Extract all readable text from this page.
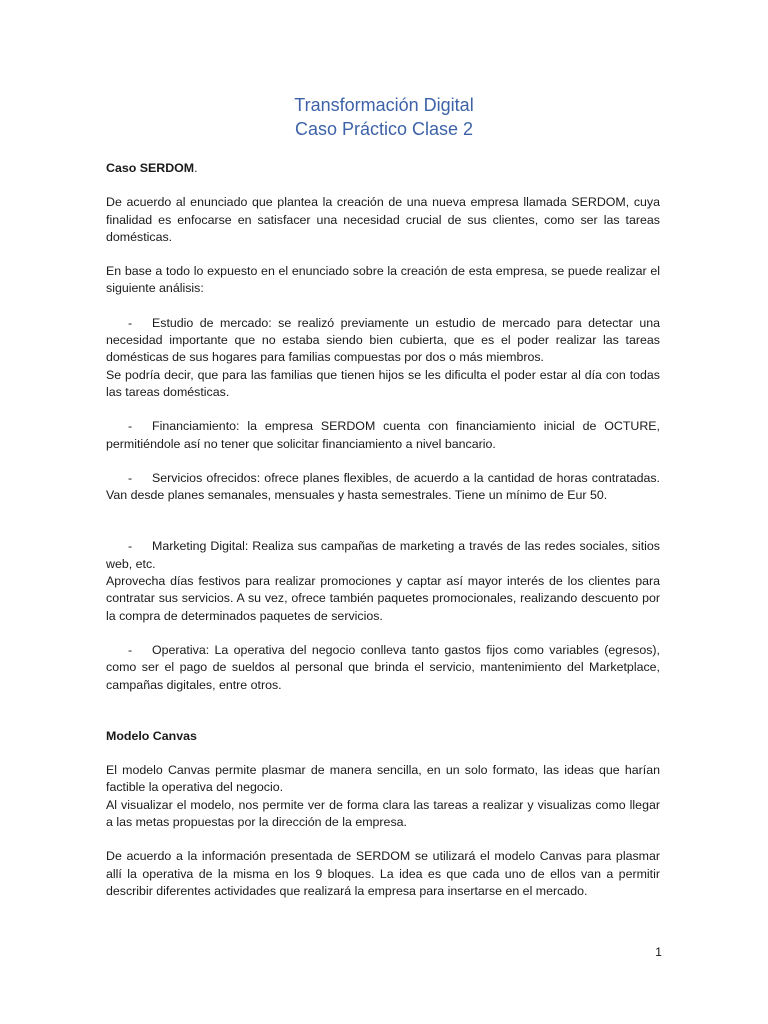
Transformación Digital
Caso Práctico Clase 2

Caso SERDOM.

De acuerdo al enunciado que plantea la creación de una nueva empresa llamada SERDOM, cuya finalidad es enfocarse en satisfacer una necesidad crucial de sus clientes, como ser las tareas domésticas.

En base a todo lo expuesto en el enunciado sobre la creación de esta empresa, se puede realizar el siguiente análisis:

- Estudio de mercado: se realizó previamente un estudio de mercado para detectar una necesidad importante que no estaba siendo bien cubierta, que es el poder realizar las tareas domésticas de sus hogares para familias compuestas por dos o más miembros.

Se podría decir, que para las familias que tienen hijos se les dificulta el poder estar al día con todas las tareas domésticas.

- Financiamiento: la empresa SERDOM cuenta con financiamiento inicial de OCTURE, permitiéndole así no tener que solicitar financiamiento a nivel bancario.

- Servicios ofrecidos: ofrece planes flexibles, de acuerdo a la cantidad de horas contratadas. Van desde planes semanales, mensuales y hasta semestrales. Tiene un mínimo de Eur 50.

- Marketing Digital: Realiza sus campañas de marketing a través de las redes sociales, sitios web, etc.

Aprovecha días festivos para realizar promociones y captar así mayor interés de los clientes para contratar sus servicios. A su vez, ofrece también paquetes promocionales, realizando descuento por la compra de determinados paquetes de servicios.

- Operativa: La operativa del negocio conlleva tanto gastos fijos como variables (egresos), como ser el pago de sueldos al personal que brinda el servicio, mantenimiento del Marketplace, campañas digitales, entre otros.

Modelo Canvas

El modelo Canvas permite plasmar de manera sencilla, en un solo formato, las ideas que harían factible la operativa del negocio.

Al visualizar el modelo, nos permite ver de forma clara las tareas a realizar y visualizas como llegar a las metas propuestas por la dirección de la empresa.

De acuerdo a la información presentada de SERDOM se utilizará el modelo Canvas para plasmar allí la operativa de la misma en los 9 bloques. La idea es que cada uno de ellos van a permitir describir diferentes actividades que realizará la empresa para insertarse en el mercado.

1
